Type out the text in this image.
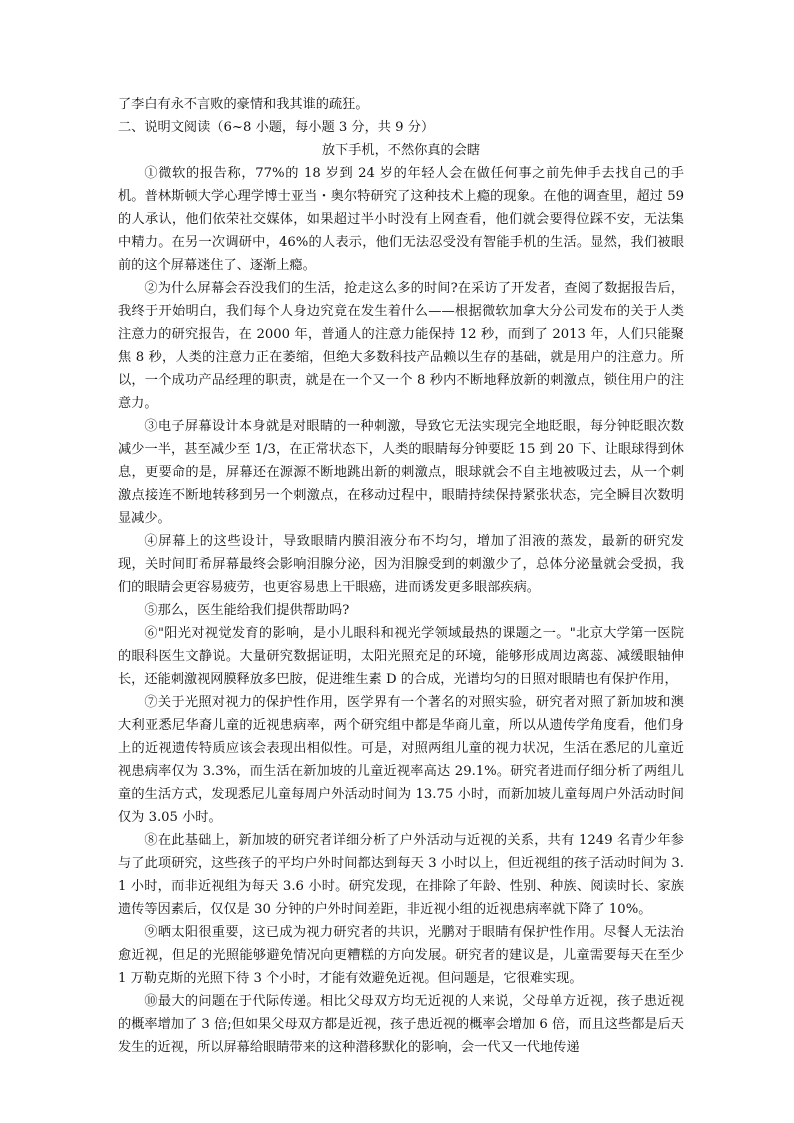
了李白有永不言败的豪情和我其谁的疏狂。

二、说明文阅读（6~8 小题，每小题 3 分，共 9 分）

放下手机，不然你真的会瞎

①微软的报告称，77%的 18 岁到 24 岁的年轻人会在做任何事之前先伸手去找自己的手机。普林斯顿大学心理学博士亚当・奥尔特研究了这种技术上瘾的现象。在他的调查里，超过 59 的人承认，他们依荣社交媒体，如果超过半小时没有上网查看，他们就会要得位踩不安，无法集中精力。在另一次调研中，46%的人表示，他们无法忍受没有智能手机的生活。显然，我们被眼前的这个屏幕迷住了、逐渐上瘾。

②为什么屏幕会吞没我们的生活，抢走这么多的时间?在采访了开发者，查阅了数据报告后，我终于开始明白，我们每个人身边究竟在发生着什么——根据微软加拿大分公司发布的关于人类注意力的研究报告，在 2000 年，普通人的注意力能保持 12 秒，而到了 2013 年，人们只能聚焦 8 秒，人类的注意力正在萎缩，但绝大多数科技产品赖以生存的基础，就是用户的注意力。所以，一个成功产品经理的职责，就是在一个又一个 8 秒内不断地释放新的刺激点，锁住用户的注意力。

③电子屏幕设计本身就是对眼睛的一种刺激，导致它无法实现完全地眨眼，每分钟眨眼次数减少一半，甚至减少至 1/3，在正常状态下，人类的眼睛每分钟要眨 15 到 20 下、让眼球得到休息，更要命的是，屏幕还在源源不断地跳出新的刺激点，眼球就会不自主地被吸过去，从一个刺激点接连不断地转移到另一个刺激点，在移动过程中，眼睛持续保持紧张状态，完全瞬目次数明显减少。

④屏幕上的这些设计，导致眼睛内膜泪液分布不均匀，增加了泪液的蒸发，最新的研究发现，关时间盯希屏幕最终会影响泪腺分泌，因为泪腺受到的刺激少了，总体分泌量就会受损，我们的眼睛会更容易疲劳，也更容易患上干眼癌，进而诱发更多眼部疾病。

⑤那么，医生能给我们提供帮助吗?

⑥"阳光对视觉发育的影响，是小儿眼科和视光学领域最热的课题之一。"北京大学第一医院的眼科医生文静说。大量研究数据证明，太阳光照充足的环境，能够形成周边离蕊、减缓眼轴伸长，还能刺激视网膜释放多巴胺，促进维生素 D 的合成，光谱均匀的日照对眼睛也有保护作用，

⑦关于光照对视力的保护性作用，医学界有一个著名的对照实验，研究者对照了新加坡和澳大利亚悉尼华裔儿童的近视患病率，两个研究组中都是华商儿童，所以从遗传学角度看，他们身上的近视遗传特质应该会表现出相似性。可是，对照两组儿童的视力状况，生活在悉尼的儿童近视患病率仅为 3.3%，而生活在新加坡的儿童近视率高达 29.1%。研究者进而仔细分析了两组儿童的生活方式，发现悉尼儿童每周户外活动时间为 13.75 小时，而新加坡儿童每周户外活动时间仅为 3.05 小时。

⑧在此基础上，新加坡的研究者详细分析了户外活动与近视的关系，共有 1249 名青少年参与了此项研究，这些孩子的平均户外时间都达到每天 3 小时以上，但近视组的孩子活动时间为 3.1 小时，而非近视组为每天 3.6 小时。研究发现，在排除了年龄、性别、种族、阅读时长、家族遗传等因素后，仅仅是 30 分钟的户外时间差距，非近视小组的近视患病率就下降了 10%。

⑨晒太阳很重要，这已成为视力研究者的共识，光鹏对于眼睛有保护性作用。尽餐人无法治愈近视，但足的光照能够避免情况向更糟糕的方向发展。研究者的建议是，儿童需要每天在至少 1 万勒克斯的光照下待 3 个小时，才能有效避免近视。但问题是，它很难实现。

⑩最大的问题在于代际传递。相比父母双方均无近视的人来说，父母单方近视，孩子患近视的概率增加了 3 倍;但如果父母双方都是近视，孩子患近视的概率会增加 6 倍，而且这些都是后天发生的近视，所以屏幕给眼睛带来的这种潜移默化的影响，会一代又一代地传递
